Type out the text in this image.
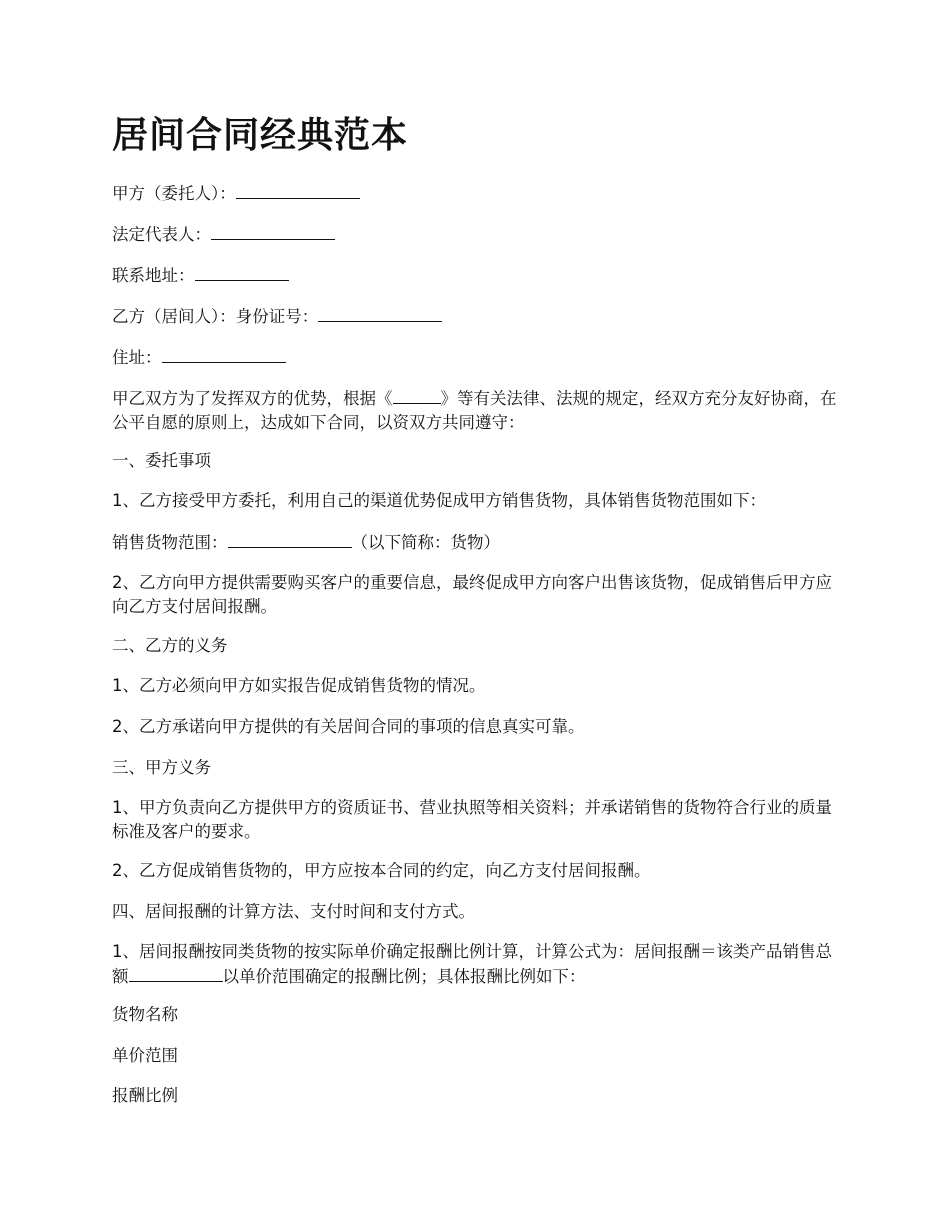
居间合同经典范本

甲方（委托人）：

法定代表人：

联系地址：

乙方（居间人）：身份证号：

住址：

甲乙双方为了发挥双方的优势，根据《	》等有关法律、法规的规定，经双方充分友好协商，在公平自愿的原则上，达成如下合同，以资双方共同遵守：

一、委托事项

1、乙方接受甲方委托，利用自己的渠道优势促成甲方销售货物，具体销售货物范围如下：

销售货物范围：	（以下简称：货物）

2、乙方向甲方提供需要购买客户的重要信息，最终促成甲方向客户出售该货物，促成销售后甲方应向乙方支付居间报酬。

二、乙方的义务

1、乙方必须向甲方如实报告促成销售货物的情况。

2、乙方承诺向甲方提供的有关居间合同的事项的信息真实可靠。

三、甲方义务

1、甲方负责向乙方提供甲方的资质证书、营业执照等相关资料；并承诺销售的货物符合行业的质量标准及客户的要求。

2、乙方促成销售货物的，甲方应按本合同的约定，向乙方支付居间报酬。

四、居间报酬的计算方法、支付时间和支付方式。

1、居间报酬按同类货物的按实际单价确定报酬比例计算，计算公式为：居间报酬＝该类产品销售总额	以单价范围确定的报酬比例；具体报酬比例如下：

货物名称

单价范围

报酬比例
